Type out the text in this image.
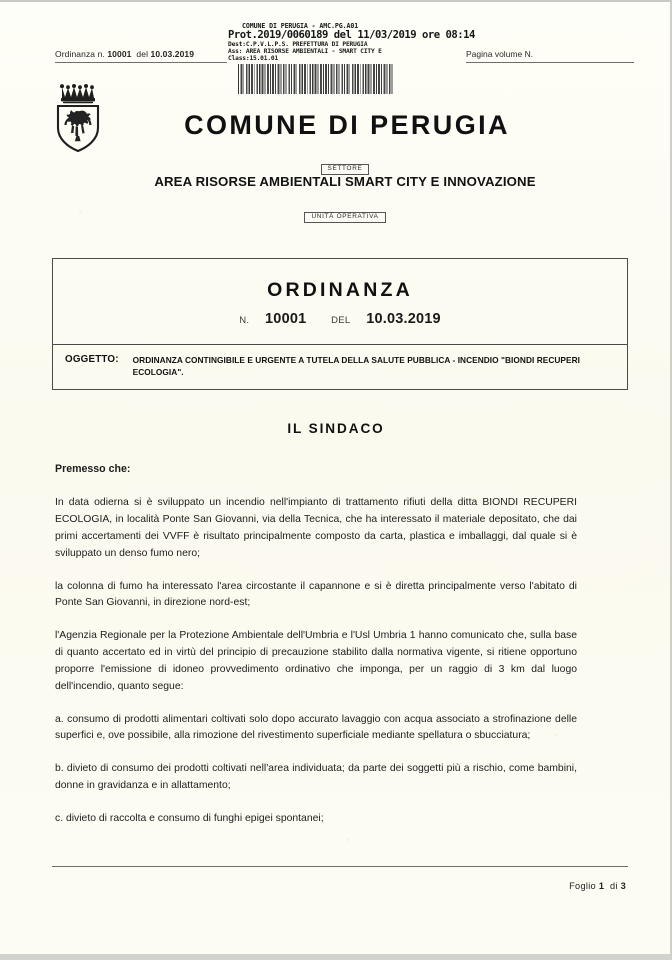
Ordinanza n. 10001 del 10.03.2019	Pagina volume N.
COMUNE DI PERUGIA - AMC.PG.A01
Prot.2019/0060189 del 11/03/2019 ore 08:14
Dest:C.P.V.L.P.S. PREFETTURA DI PERUGIA
Ass: AREA RISORSE AMBIENTALI - SMART CITY E
Class:15.01.01
COMUNE DI PERUGIA
SETTORE
AREA RISORSE AMBIENTALI SMART CITY E INNOVAZIONE
UNITÀ OPERATIVA
ORDINANZA
N. 10001	DEL 10.03.2019
OGGETTO: ORDINANZA CONTINGIBILE E URGENTE A TUTELA DELLA SALUTE PUBBLICA - INCENDIO "BIONDI RECUPERI ECOLOGIA".
IL SINDACO
Premesso che:

In data odierna si è sviluppato un incendio nell'impianto di trattamento rifiuti della ditta BIONDI RECUPERI ECOLOGIA, in località Ponte San Giovanni, via della Tecnica, che ha interessato il materiale depositato, che dai primi accertamenti dei VVFF è risultato principalmente composto da carta, plastica e imballaggi, dal quale si è sviluppato un denso fumo nero;

la colonna di fumo ha interessato l'area circostante il capannone e si è diretta principalmente verso l'abitato di Ponte San Giovanni, in direzione nord-est;

l'Agenzia Regionale per la Protezione Ambientale dell'Umbria e l'Usl Umbria 1 hanno comunicato che, sulla base di quanto accertato ed in virtù del principio di precauzione stabilito dalla normativa vigente, si ritiene opportuno proporre l'emissione di idoneo provvedimento ordinativo che imponga, per un raggio di 3 km dal luogo dell'incendio, quanto segue:

a. consumo di prodotti alimentari coltivati solo dopo accurato lavaggio con acqua associato a strofinazione delle superfici e, ove possibile, alla rimozione del rivestimento superficiale mediante spellatura o sbucciatura;

b. divieto di consumo dei prodotti coltivati nell'area individuata; da parte dei soggetti più a rischio, come bambini, donne in gravidanza e in allattamento;

c. divieto di raccolta e consumo di funghi epigei spontanei;

Foglio 1 di 3
